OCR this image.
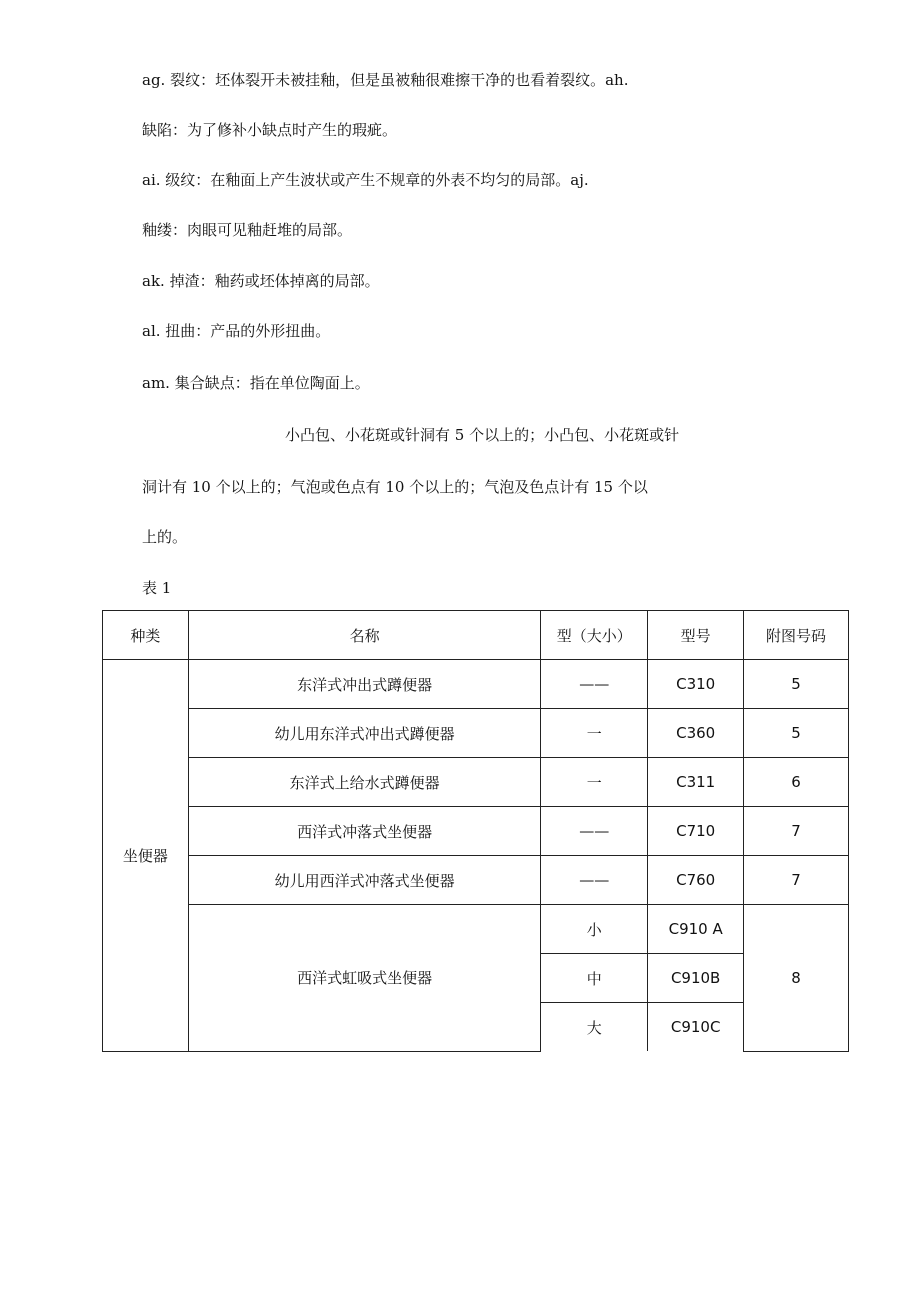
ag. 裂纹：坯体裂开未被挂釉，但是虽被釉很难擦干净的也看着裂纹。ah.
缺陷：为了修补小缺点时产生的瑕疵。
ai. 级纹：在釉面上产生波状或产生不规章的外表不均匀的局部。aj.
釉缕：肉眼可见釉赶堆的局部。
ak. 掉渣：釉药或坯体掉离的局部。
al. 扭曲：产品的外形扭曲。
am. 集合缺点：指在单位陶面上。
小凸包、小花斑或针洞有 5 个以上的；小凸包、小花斑或针
洞计有 10 个以上的；气泡或色点有 10 个以上的；气泡及色点计有 15 个以
上的。
表 1
种类	名称	型（大小）	型号	附图号码
坐便器	东洋式冲出式蹲便器	——	C310	5
	幼儿用东洋式冲出式蹲便器	一	C360	5
	东洋式上给水式蹲便器	一	C311	6
	西洋式冲落式坐便器	——	C710	7
	幼儿用西洋式冲落式坐便器	——	C760	7
	西洋式虹吸式坐便器	小	C910 A	8
		中	C910B	
		大	C910C	
